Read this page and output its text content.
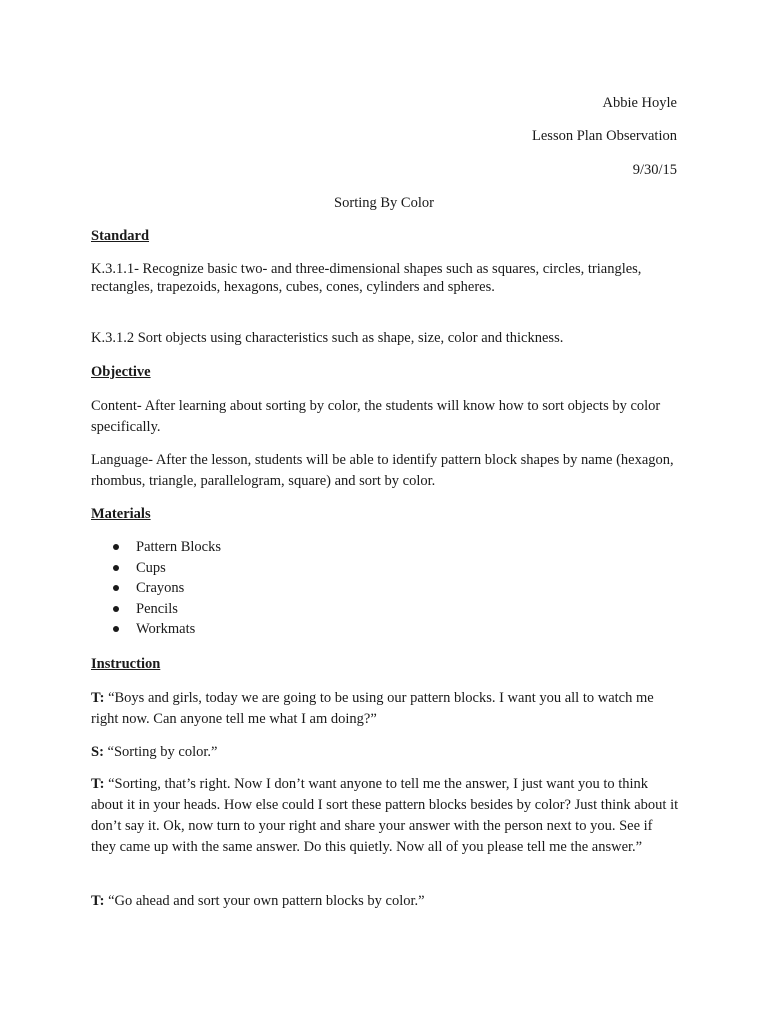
Abbie Hoyle
Lesson Plan Observation
9/30/15
Sorting By Color
Standard
K.3.1.1- Recognize basic two- and three-dimensional shapes such as squares, circles, triangles, rectangles, trapezoids, hexagons, cubes, cones, cylinders and spheres.
K.3.1.2 Sort objects using characteristics such as shape, size, color and thickness.
Objective
Content- After learning about sorting by color, the students will know how to sort objects by color specifically.
Language- After the lesson, students will be able to identify pattern block shapes by name (hexagon, rhombus, triangle, parallelogram, square) and sort by color.
Materials
Pattern Blocks
Cups
Crayons
Pencils
Workmats
Instruction
T: “Boys and girls, today we are going to be using our pattern blocks. I want you all to watch me right now. Can anyone tell me what I am doing?”
S: “Sorting by color.”
T: “Sorting, that’s right. Now I don’t want anyone to tell me the answer, I just want you to think about it in your heads. How else could I sort these pattern blocks besides by color? Just think about it don’t say it. Ok, now turn to your right and share your answer with the person next to you. See if they came up with the same answer. Do this quietly. Now all of you please tell me the answer.”
T: “Go ahead and sort your own pattern blocks by color.”
